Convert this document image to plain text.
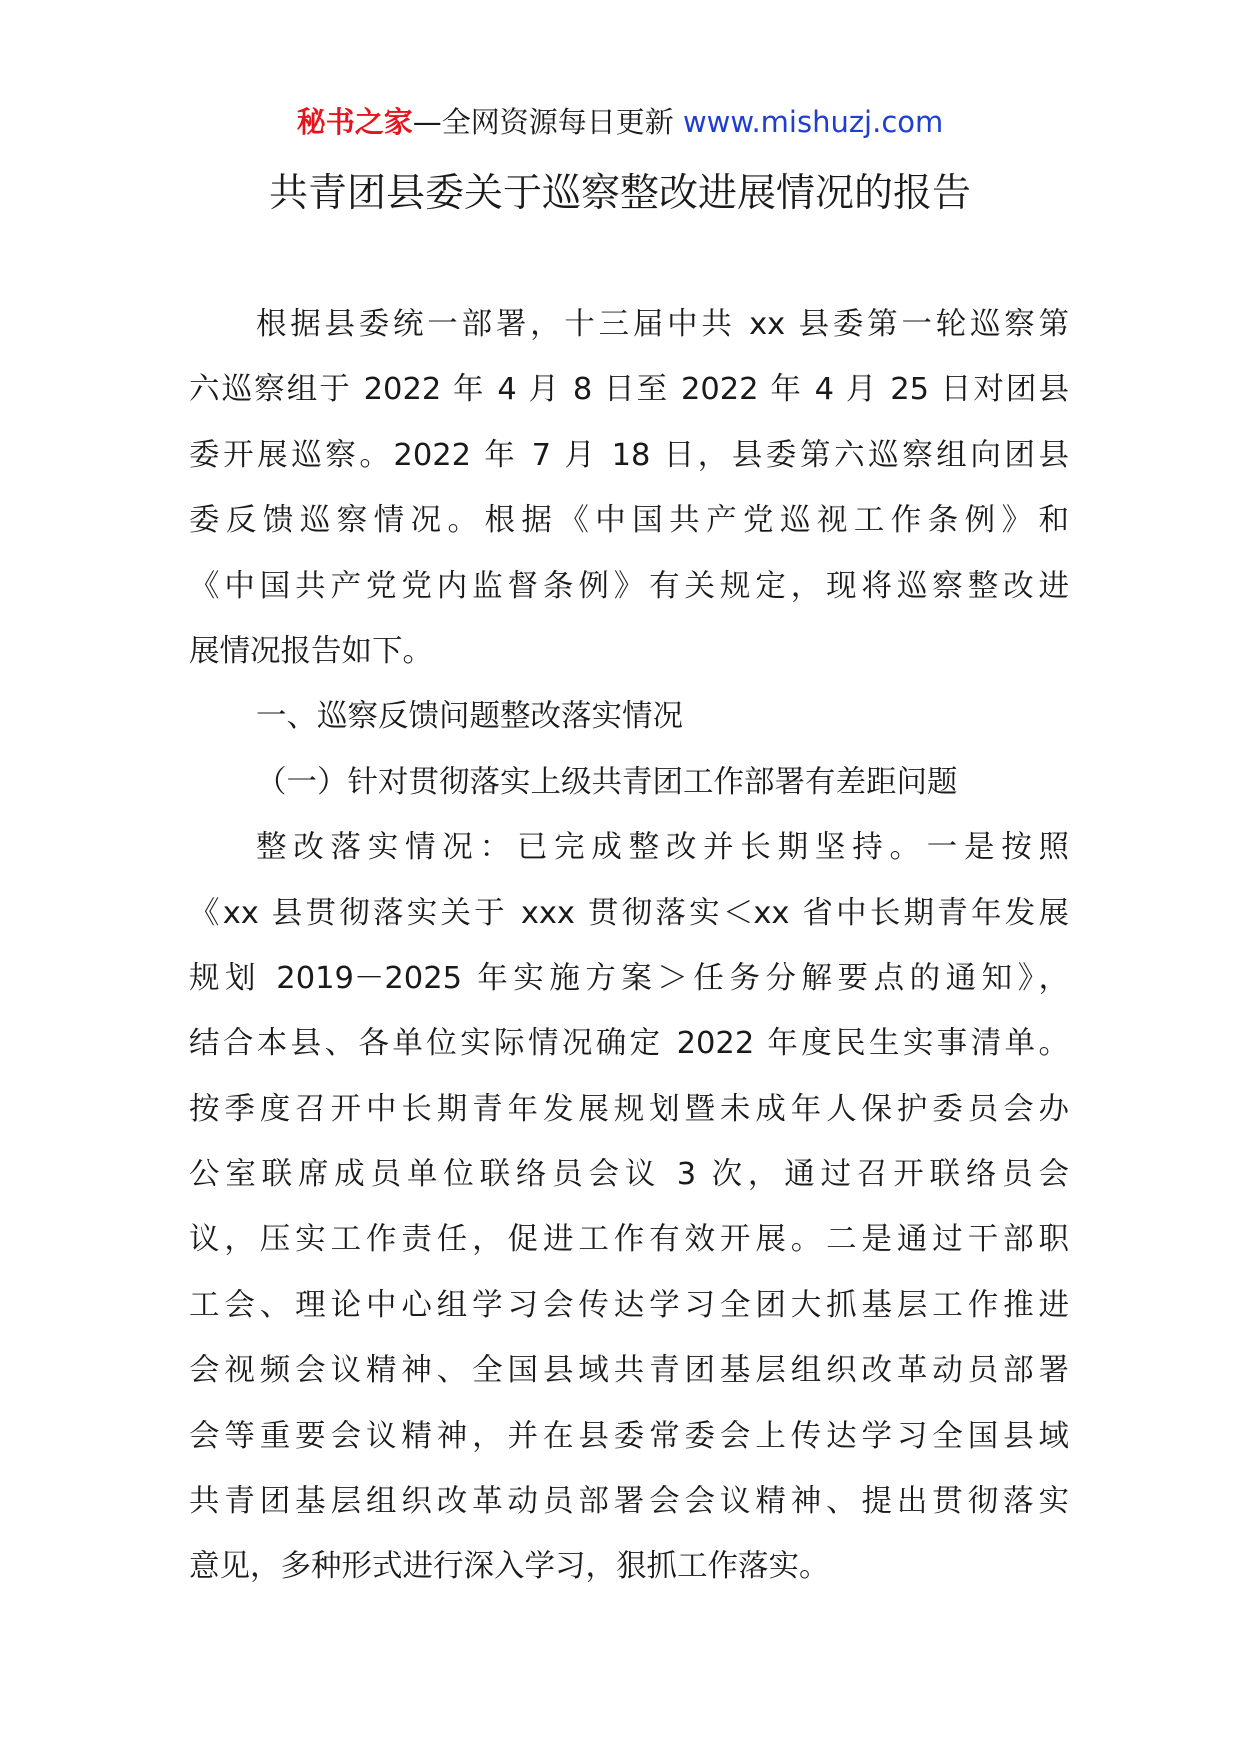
秘书之家—全网资源每日更新 www.mishuzj.com
共青团县委关于巡察整改进展情况的报告
根据县委统一部署，十三届中共 xx 县委第一轮巡察第
六巡察组于 2022 年 4 月 8 日至 2022 年 4 月 25 日对团县
委开展巡察。2022 年 7 月 18 日，县委第六巡察组向团县
委反馈巡察情况。根据《中国共产党巡视工作条例》和
《中国共产党党内监督条例》有关规定，现将巡察整改进
展情况报告如下。
一、巡察反馈问题整改落实情况
（一）针对贯彻落实上级共青团工作部署有差距问题
整改落实情况：已完成整改并长期坚持。一是按照
《xx 县贯彻落实关于 xxx 贯彻落实＜xx 省中长期青年发展
规划 2019－2025 年实施方案＞任务分解要点的通知》，
结合本县、各单位实际情况确定 2022 年度民生实事清单。
按季度召开中长期青年发展规划暨未成年人保护委员会办
公室联席成员单位联络员会议 3 次，通过召开联络员会
议，压实工作责任，促进工作有效开展。二是通过干部职
工会、理论中心组学习会传达学习全团大抓基层工作推进
会视频会议精神、全国县域共青团基层组织改革动员部署
会等重要会议精神，并在县委常委会上传达学习全国县域
共青团基层组织改革动员部署会会议精神、提出贯彻落实
意见，多种形式进行深入学习，狠抓工作落实。
